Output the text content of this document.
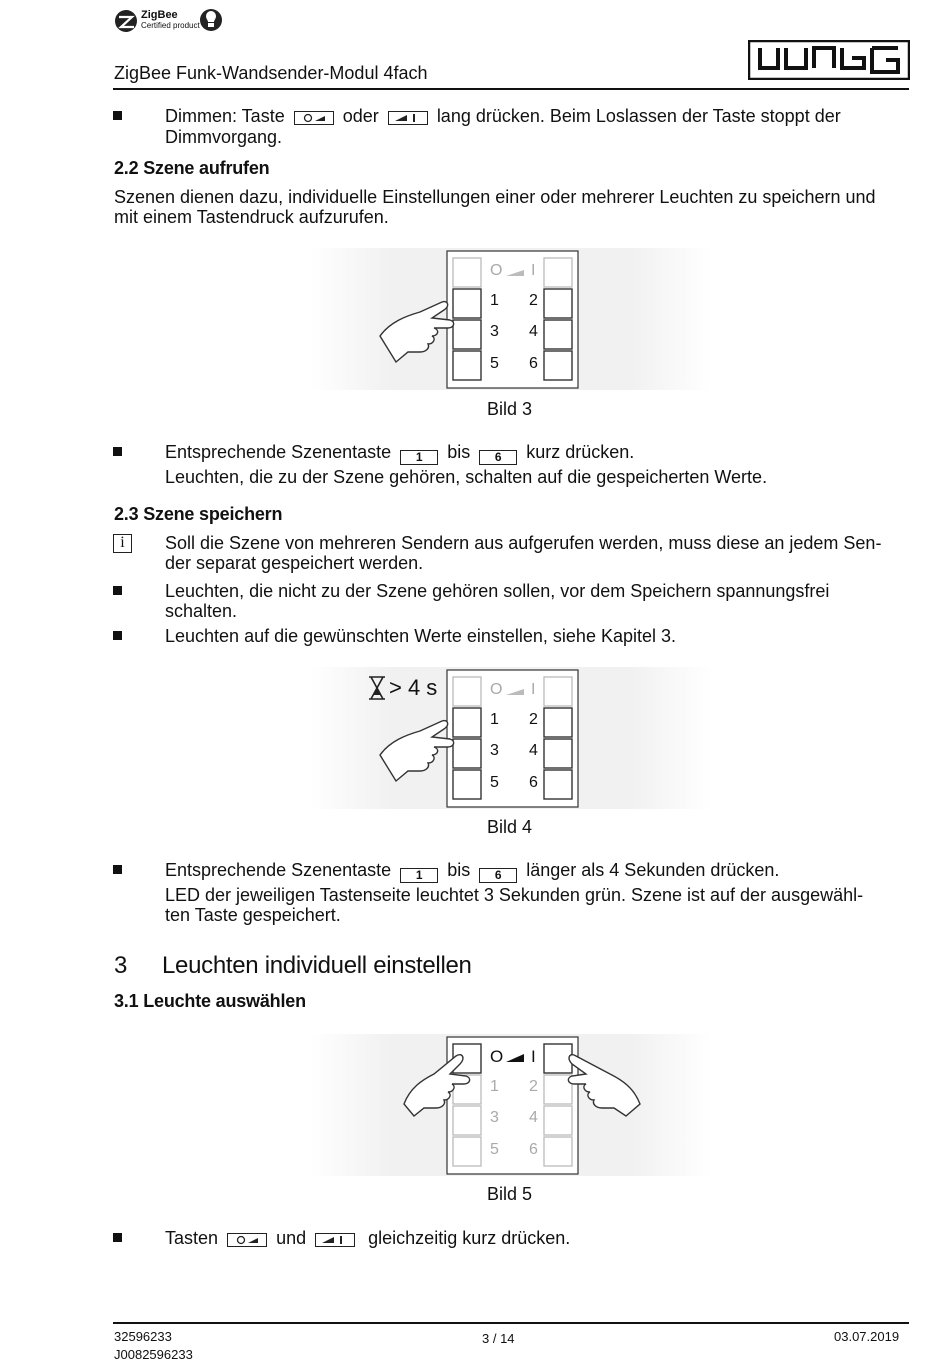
ZigBee
Certified product
ZigBee Funk-Wandsender-Modul 4fach
Dimmen: Taste	oder	lang drücken. Beim Loslassen der Taste stoppt der
Dimmvorgang.
2.2 Szene aufrufen
Szenen dienen dazu, individuelle Einstellungen einer oder mehrerer Leuchten zu speichern und
mit einem Tastendruck aufzurufen.
O I
1 2
3 4
5 6
Bild 3
Entsprechende Szenentaste 1 bis 6 kurz drücken.
Leuchten, die zu der Szene gehören, schalten auf die gespeicherten Werte.
2.3 Szene speichern
i	Soll die Szene von mehreren Sendern aus aufgerufen werden, muss diese an jedem Sen-
der separat gespeichert werden.
Leuchten, die nicht zu der Szene gehören sollen, vor dem Speichern spannungsfrei
schalten.
Leuchten auf die gewünschten Werte einstellen, siehe Kapitel 3.
> 4 s	O I
1 2
3 4
5 6
Bild 4
Entsprechende Szenentaste 1 bis 6 länger als 4 Sekunden drücken.
LED der jeweiligen Tastenseite leuchtet 3 Sekunden grün. Szene ist auf der ausgewähl-
ten Taste gespeichert.
3 Leuchten individuell einstellen
3.1 Leuchte auswählen
O I
1 2
3 4
5 6
Bild 5
Tasten	und	gleichzeitig kurz drücken.
32596233
J0082596233
3 / 14	03.07.2019
